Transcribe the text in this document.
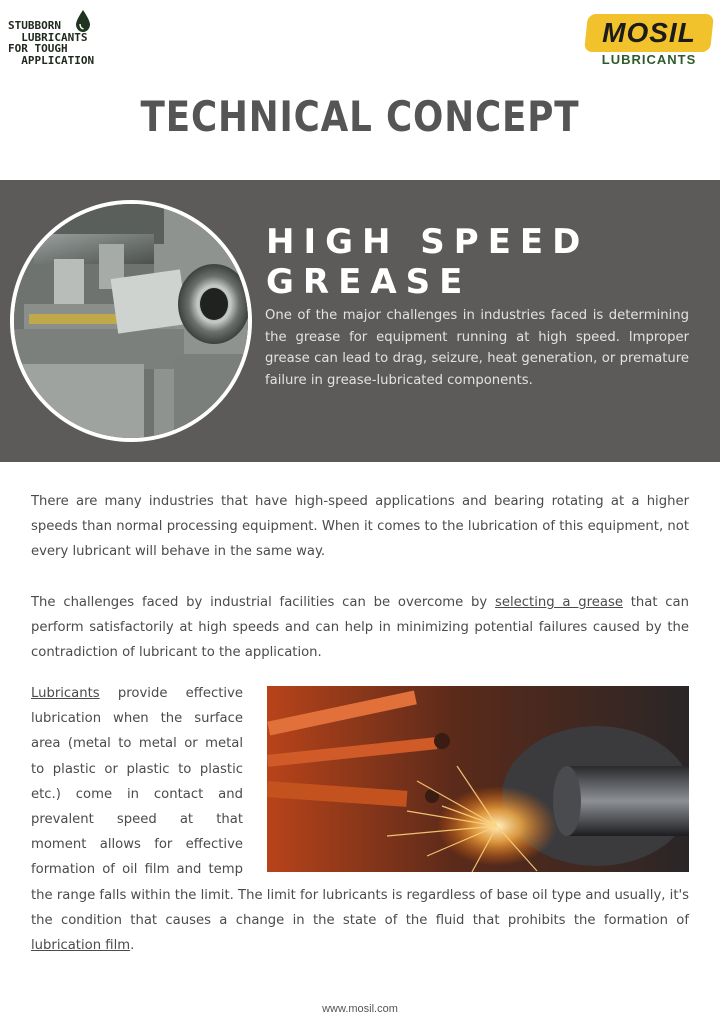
STUBBORN
LUBRICANTS
FOR TOUGH
APPLICATION
MOSIL
LUBRICANTS
TECHNICAL CONCEPT
HIGH SPEED GREASE

One of the major challenges in industries faced is determining the grease for equipment running at high speed. Improper grease can lead to drag, seizure, heat generation, or premature failure in grease-lubricated components.

There are many industries that have high-speed applications and bearing rotating at a higher speeds than normal processing equipment. When it comes to the lubrication of this equipment, not every lubricant will behave in the same way.

The challenges faced by industrial facilities can be overcome by selecting a grease that can perform satisfactorily at high speeds and can help in minimizing potential failures caused by the contradiction of lubricant to the application.

Lubricants provide effective lubrication when the surface area (metal to metal or metal to plastic or plastic to plastic etc.) come in contact and prevalent speed at that moment allows for effective formation of oil film and temp the range falls within the limit. The limit for lubricants is regardless of base oil type and usually, it's the condition that causes a change in the state of the fluid that prohibits the formation of lubrication film.

www.mosil.com
